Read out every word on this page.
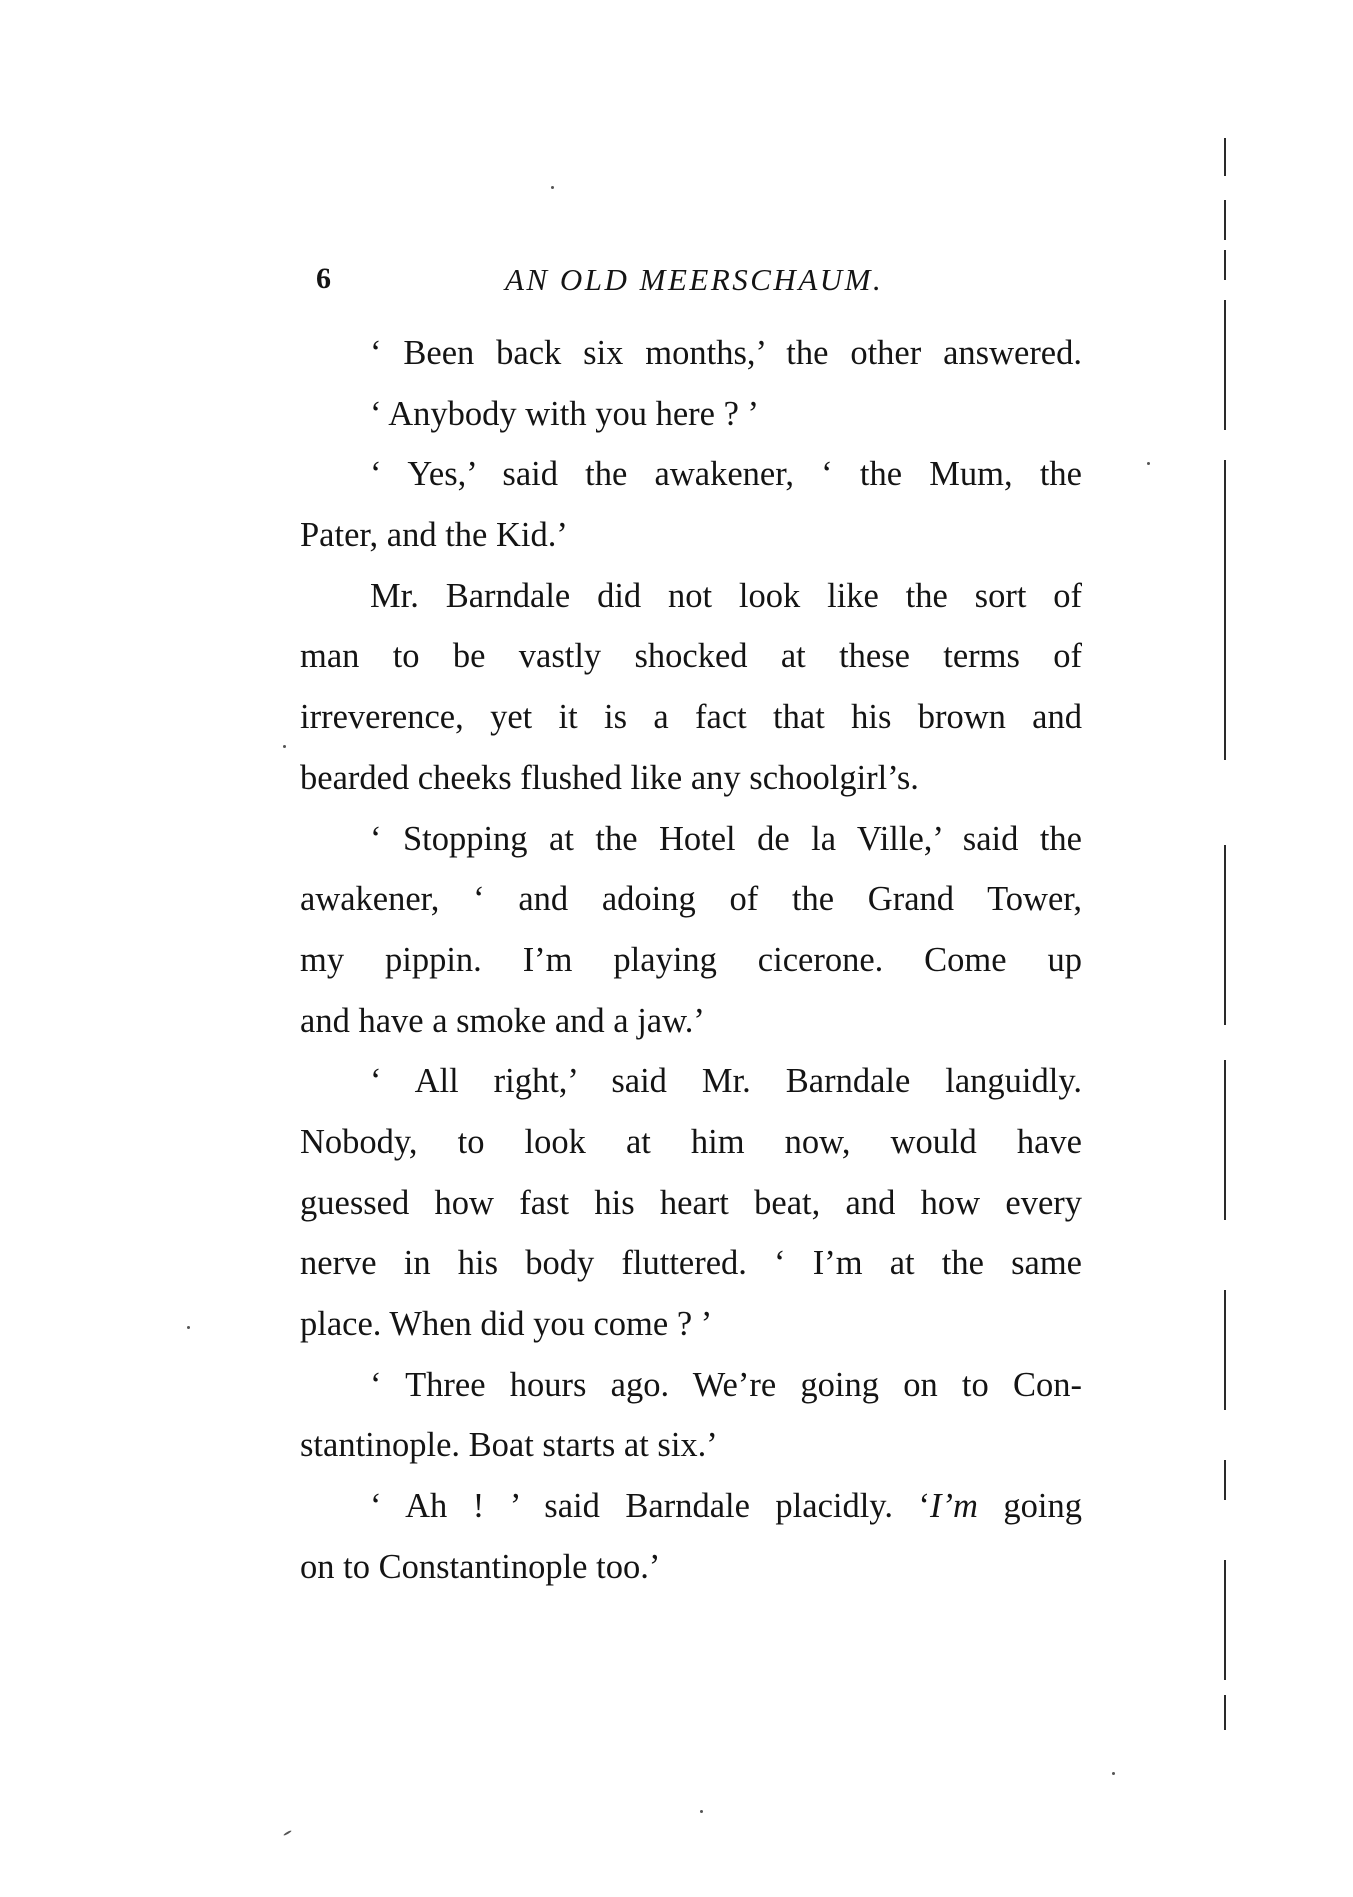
6	AN OLD MEERSCHAUM.
‘ Been back six months,’ the other answered.
‘ Anybody with you here ? ’
‘ Yes,’ said the awakener, ‘ the Mum, the
Pater, and the Kid.’
Mr. Barndale did not look like the sort of
man to be vastly shocked at these terms of
irreverence, yet it is a fact that his brown and
bearded cheeks flushed like any schoolgirl’s.
‘ Stopping at the Hotel de la Ville,’ said the
awakener, ‘ and adoing of the Grand Tower,
my pippin. I’m playing cicerone. Come up
and have a smoke and a jaw.’
‘ All right,’ said Mr. Barndale languidly.
Nobody, to look at him now, would have
guessed how fast his heart beat, and how every
nerve in his body fluttered. ‘ I’m at the same
place. When did you come ? ’
‘ Three hours ago. We’re going on to Con-
stantinople. Boat starts at six.’
‘ Ah ! ’ said Barndale placidly. ‘I’m going
on to Constantinople too.’
